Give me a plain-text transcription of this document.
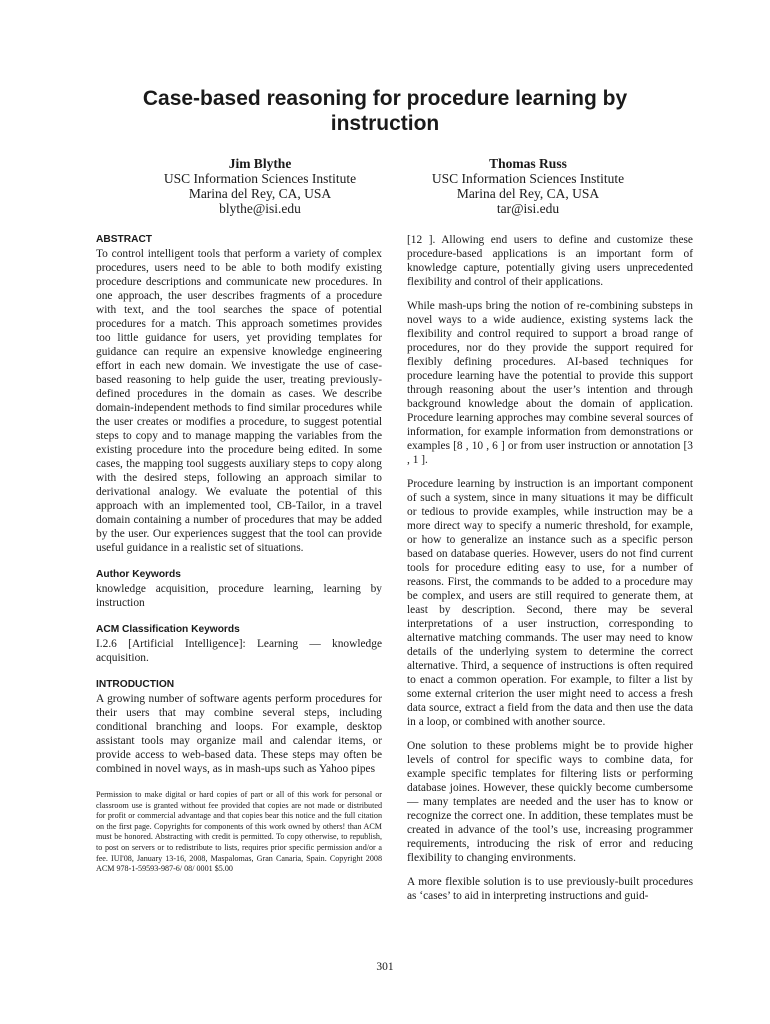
Case-based reasoning for procedure learning by instruction
Jim Blythe
USC Information Sciences Institute
Marina del Rey, CA, USA
blythe@isi.edu
Thomas Russ
USC Information Sciences Institute
Marina del Rey, CA, USA
tar@isi.edu
ABSTRACT

To control intelligent tools that perform a variety of complex procedures, users need to be able to both modify existing procedure descriptions and communicate new procedures. In one approach, the user describes fragments of a procedure with text, and the tool searches the space of potential procedures for a match. This approach sometimes provides too little guidance for users, yet providing templates for guidance can require an expensive knowledge engineering effort in each new domain. We investigate the use of case-based reasoning to help guide the user, treating previously-defined procedures in the domain as cases. We describe domain-independent methods to find similar procedures while the user creates or modifies a procedure, to suggest potential steps to copy and to manage mapping the variables from the existing procedure into the procedure being edited. In some cases, the mapping tool suggests auxiliary steps to copy along with the desired steps, following an approach similar to derivational analogy. We evaluate the potential of this approach with an implemented tool, CB-Tailor, in a travel domain containing a number of procedures that may be added by the user. Our experiences suggest that the tool can provide useful guidance in a realistic set of situations.

Author Keywords

knowledge acquisition, procedure learning, learning by instruction

ACM Classification Keywords

I.2.6 [Artificial Intelligence]: Learning — knowledge acquisition.

INTRODUCTION

A growing number of software agents perform procedures for their users that may combine several steps, including conditional branching and loops. For example, desktop assistant tools may organize mail and calendar items, or provide access to web-based data. These steps may often be combined in novel ways, as in mash-ups such as Yahoo pipes

Permission to make digital or hard copies of part or all of this work for personal or classroom use is granted without fee provided that copies are not made or distributed for profit or commercial advantage and that copies bear this notice and the full citation on the first page. Copyrights for components of this work owned by others! than ACM must be honored. Abstracting with credit is permitted. To copy otherwise, to republish, to post on servers or to redistribute to lists, requires prior specific permission and/or a fee. IUI'08, January 13-16, 2008, Maspalomas, Gran Canaria, Spain. Copyright 2008 ACM 978-1-59593-987-6/ 08/ 0001 $5.00

[12 ]. Allowing end users to define and customize these procedure-based applications is an important form of knowledge capture, potentially giving users unprecedented flexibility and control of their applications.

While mash-ups bring the notion of re-combining substeps in novel ways to a wide audience, existing systems lack the flexibility and control required to support a broad range of procedures, nor do they provide the support required for flexibly defining procedures. AI-based techniques for procedure learning have the potential to provide this support through reasoning about the user’s intention and through background knowledge about the domain of application. Procedure learning approches may combine several sources of information, for example information from demonstrations or examples [8 , 10 , 6 ] or from user instruction or annotation [3 , 1 ].

Procedure learning by instruction is an important component of such a system, since in many situations it may be difficult or tedious to provide examples, while instruction may be a more direct way to specify a numeric threshold, for example, or how to generalize an instance such as a specific person based on database queries. However, users do not find current tools for procedure editing easy to use, for a number of reasons. First, the commands to be added to a procedure may be complex, and users are still required to generate them, at least by description. Second, there may be several interpretations of a user instruction, corresponding to alternative matching commands. The user may need to know details of the underlying system to determine the correct alternative. Third, a sequence of instructions is often required to enact a common operation. For example, to filter a list by some external criterion the user might need to access a fresh data source, extract a field from the data and then use the data in a loop, or combined with another source.

One solution to these problems might be to provide higher levels of control for specific ways to combine data, for example specific templates for filtering lists or performing database joines. However, these quickly become cumbersome — many templates are needed and the user has to know or recognize the correct one. In addition, these templates must be created in advance of the tool’s use, increasing programmer requirements, introducing the risk of error and reducing flexibility to changing environments.

A more flexible solution is to use previously-built procedures as ‘cases’ to aid in interpreting instructions and guid-

301
